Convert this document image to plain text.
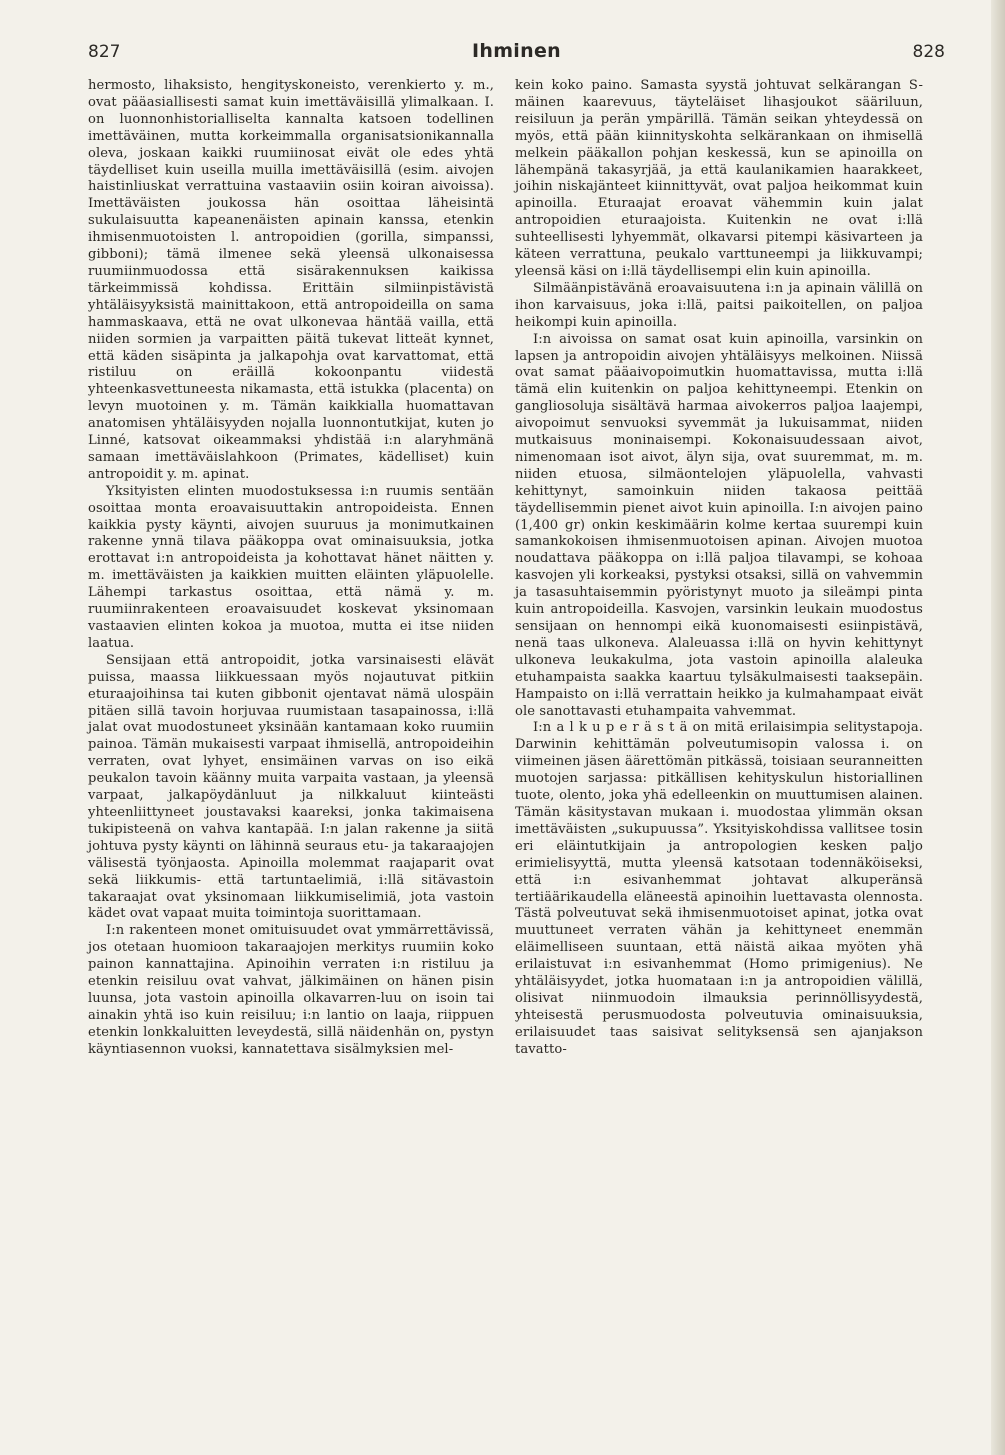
827	Ihminen	828

hermosto, lihaksisto, hengityskoneisto, verenkierto y. m., ovat pääasiallisesti samat kuin imettäväisillä ylimalkaan. I. on luonnonhistorialliselta kannalta katsoen todellinen imettäväinen, mutta korkeimmalla organisatsionikannalla oleva, joskaan kaikki ruumiinosat eivät ole edes yhtä täydelliset kuin useilla muilla imettäväisillä (esim. aivojen haistinliuskat verrattuina vastaaviin osiin koiran aivoissa). Imettäväisten joukossa hän osoittaa läheisintä sukulaisuutta kapeanenäisten apinain kanssa, etenkin ihmisenmuotoisten l. antropoidien (gorilla, simpanssi, gibboni); tämä ilmenee sekä yleensä ulkonaisessa ruumiinmuodossa että sisärakennuksen kaikissa tärkeimmissä kohdissa. Erittäin silmiinpistävistä yhtäläisyyksistä mainittakoon, että antropoideilla on sama hammaskaava, että ne ovat ulkonevaa häntää vailla, että niiden sormien ja varpaitten päitä tukevat litteät kynnet, että käden sisäpinta ja jalkapohja ovat karvattomat, että ristiluu on eräillä kokoonpantu viidestä yhteenkasvettuneesta nikamasta, että istukka (placenta) on levyn muotoinen y. m. Tämän kaikkialla huomattavan anatomisen yhtäläisyyden nojalla luonnontutkijat, kuten jo Linné, katsovat oikeammaksi yhdistää i:n alaryhmänä samaan imettäväislahkoon (Primates, kädelliset) kuin antropoidit y. m. apinat.

Yksityisten elinten muodostuksessa i:n ruumis sentään osoittaa monta eroavaisuuttakin antropoideista. Ennen kaikkia pysty käynti, aivojen suuruus ja monimutkainen rakenne ynnä tilava pääkoppa ovat ominaisuuksia, jotka erottavat i:n antropoideista ja kohottavat hänet näitten y. m. imettäväisten ja kaikkien muitten eläinten yläpuolelle. Lähempi tarkastus osoittaa, että nämä y. m. ruumiinrakenteen eroavaisuudet koskevat yksinomaan vastaavien elinten kokoa ja muotoa, mutta ei itse niiden laatua.

Sensijaan että antropoidit, jotka varsinaisesti elävät puissa, maassa liikkuessaan myös nojautuvat pitkiin eturaajoihinsa tai kuten gibbonit ojentavat nämä ulospäin pitäen sillä tavoin horjuvaa ruumistaan tasapainossa, i:llä jalat ovat muodostuneet yksinään kantamaan koko ruumiin painoa. Tämän mukaisesti varpaat ihmisellä, antropoideihin verraten, ovat lyhyet, ensimäinen varvas on iso eikä peukalon tavoin käänny muita varpaita vastaan, ja yleensä varpaat, jalkapöydänluut ja nilkkaluut kiinteästi yhteenliittyneet joustavaksi kaareksi, jonka takimaisena tukipisteenä on vahva kantapää. I:n jalan rakenne ja siitä johtuva pysty käynti on lähinnä seuraus etu- ja takaraajojen välisestä työnjaosta. Apinoilla molemmat raajaparit ovat sekä liikkumis- että tartuntaelimiä, i:llä sitävastoin takaraajat ovat yksinomaan liikkumiselimiä, jota vastoin kädet ovat vapaat muita toimintoja suorittamaan.

I:n rakenteen monet omituisuudet ovat ymmärrettävissä, jos otetaan huomioon takaraajojen merkitys ruumiin koko painon kannattajina. Apinoihin verraten i:n ristiluu ja etenkin reisiluu ovat vahvat, jälkimäinen on hänen pisin luunsa, jota vastoin apinoilla olkavarren-luu on isoin tai ainakin yhtä iso kuin reisiluu; i:n lantio on laaja, riippuen etenkin lonkkaluitten leveydestä, sillä näidenhän on, pystyn käyntiasennon vuoksi, kannatettava sisälmyksien mel-

kein koko paino. Samasta syystä johtuvat selkärangan S-mäinen kaarevuus, täyteläiset lihasjoukot sääriluun, reisiluun ja perän ympärillä. Tämän seikan yhteydessä on myös, että pään kiinnityskohta selkärankaan on ihmisellä melkein pääkallon pohjan keskessä, kun se apinoilla on lähempänä takasyrjää, ja että kaulanikamien haarakkeet, joihin niskajänteet kiinnittyvät, ovat paljoa heikommat kuin apinoilla. Eturaajat eroavat vähemmin kuin jalat antropoidien eturaajoista. Kuitenkin ne ovat i:llä suhteellisesti lyhyemmät, olkavarsi pitempi käsivarteen ja käteen verrattuna, peukalo varttuneempi ja liikkuvampi; yleensä käsi on i:llä täydellisempi elin kuin apinoilla.

Silmäänpistävänä eroavaisuutena i:n ja apinain välillä on ihon karvaisuus, joka i:llä, paitsi paikoitellen, on paljoa heikompi kuin apinoilla.

I:n aivoissa on samat osat kuin apinoilla, varsinkin on lapsen ja antropoidin aivojen yhtäläisyys melkoinen. Niissä ovat samat pääaivopoimutkin huomattavissa, mutta i:llä tämä elin kuitenkin on paljoa kehittyneempi. Etenkin on gangliosoluja sisältävä harmaa aivokerros paljoa laajempi, aivopoimut senvuoksi syvemmät ja lukuisammat, niiden mutkaisuus moninaisempi. Kokonaisuudessaan aivot, nimenomaan isot aivot, älyn sija, ovat suuremmat, m. m. niiden etuosa, silmäontelojen yläpuolella, vahvasti kehittynyt, samoinkuin niiden takaosa peittää täydellisemmin pienet aivot kuin apinoilla. I:n aivojen paino (1,400 gr) onkin keskimäärin kolme kertaa suurempi kuin samankokoisen ihmisenmuotoisen apinan. Aivojen muotoa noudattava pääkoppa on i:llä paljoa tilavampi, se kohoaa kasvojen yli korkeaksi, pystyksi otsaksi, sillä on vahvemmin ja tasasuhtaisemmin pyöristynyt muoto ja sileämpi pinta kuin antropoideilla. Kasvojen, varsinkin leukain muodostus sensijaan on hennompi eikä kuonomaisesti esiinpistävä, nenä taas ulkoneva. Alaleuassa i:llä on hyvin kehittynyt ulkoneva leukakulma, jota vastoin apinoilla alaleuka etuhampaista saakka kaartuu tylsäkulmaisesti taaksepäin. Hampaisto on i:llä verrattain heikko ja kulmahampaat eivät ole sanottavasti etuhampaita vahvemmat.

I:n a l k u p e r ä s t ä on mitä erilaisimpia selitystapoja. Darwinin kehittämän polveutumisopin valossa i. on viimeinen jäsen äärettömän pitkässä, toisiaan seuranneitten muotojen sarjassa: pitkällisen kehityskulun historiallinen tuote, olento, joka yhä edelleenkin on muuttumisen alainen. Tämän käsitystavan mukaan i. muodostaa ylimmän oksan imettäväisten „sukupuussa”. Yksityiskohdissa vallitsee tosin eri eläintutkijain ja antropologien kesken paljo erimielisyyttä, mutta yleensä katsotaan todennäköiseksi, että i:n esivanhemmat johtavat alkuperänsä tertiäärikaudella eläneestä apinoihin luettavasta olennosta. Tästä polveutuvat sekä ihmisenmuotoiset apinat, jotka ovat muuttuneet verraten vähän ja kehittyneet enemmän eläimelliseen suuntaan, että näistä aikaa myöten yhä erilaistuvat i:n esivanhemmat (Homo primigenius). Ne yhtäläisyydet, jotka huomataan i:n ja antropoidien välillä, olisivat niinmuodoin ilmauksia perinnöllisyydestä, yhteisestä perusmuodosta polveutuvia ominaisuuksia, erilaisuudet taas saisivat selityksensä sen ajanjakson tavatto-
